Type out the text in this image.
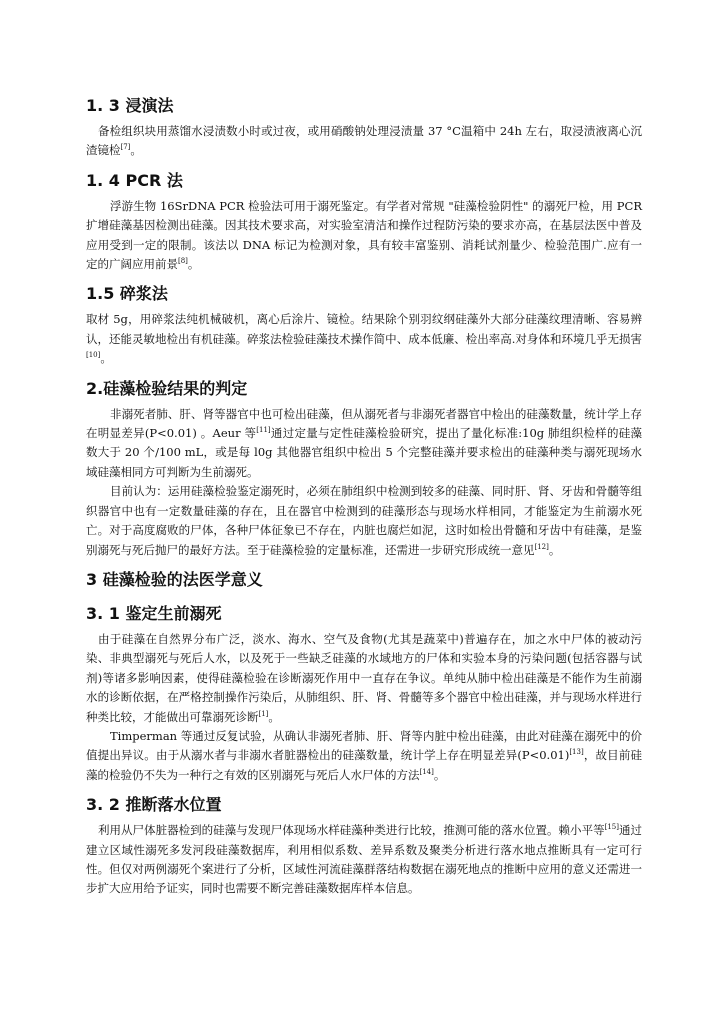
1. 3 浸演法

备检组织块用蒸馏水浸渍数小时或过夜，或用硝酸钠处理浸渍量 37 °C温箱中 24h 左右，取浸渍液离心沉渣镜检[7]。

1. 4 PCR 法

浮游生物 16SrDNA PCR 检验法可用于溺死鉴定。有学者对常规 "硅藻检验阴性" 的溺死尸检，用 PCR 扩增硅藻基因检测出硅藻。因其技术要求高，对实验室清洁和操作过程防污染的要求亦高，在基层法医中普及应用受到一定的限制。该法以 DNA 标记为检测对象，具有较丰富鉴别、消耗试剂量少、检验范围广.应有一定的广阔应用前景[8]。

1.5 碎浆法

取材 5g，用碎浆法纯机械破机，离心后涂片、镜检。结果除个别羽纹纲硅藻外大部分硅藻纹理清晰、容易辨认，还能灵敏地检出有机硅藻。碎浆法检验硅藻技术操作简中、成本低廉、检出率高.对身体和环境几乎无损害[10]。

2.硅藻检验结果的判定

非溺死者肺、肝、肾等器官中也可检出硅藻，但从溺死者与非溺死者器官中检出的硅藻数量，统计学上存在明显差异(P<0.01) 。Aeur 等[11]通过定量与定性硅藻检验研究，提出了量化标准:10g 肺组织检样的硅藻数大于 20 个/100 mL，或是每 l0g 其他器官组织中检出 5 个完整硅藻并要求检出的硅藻种类与溺死现场水域硅藻相同方可判断为生前溺死。

目前认为：运用硅藻检验鉴定溺死时，必须在肺组织中检测到较多的硅藻、同时肝、肾、牙齿和骨髓等组织器官中也有一定数量硅藻的存在，且在器官中检测到的硅藻形态与现场水样相同，才能鉴定为生前溺水死亡。对于高度腐败的尸体，各种尸体征象已不存在，内脏也腐烂如泥，这时如检出骨髓和牙齿中有硅藻，是鉴别溺死与死后抛尸的最好方法。至于硅藻检验的定量标准，还需进一步研究形成统一意见[12]。

3 硅藻检验的法医学意义
3. 1 鉴定生前溺死

由于硅藻在自然界分布广泛，淡水、海水、空气及食物(尤其是蔬菜中)普遍存在，加之水中尸体的被动污染、非典型溺死与死后人水，以及死于一些缺乏硅藻的水域地方的尸体和实验本身的污染问题(包括容器与试剂)等诸多影响因素，使得硅藻检验在诊断溺死作用中一直存在争议。单纯从肺中检出硅藻是不能作为生前溺水的诊断依据，在严格控制操作污染后，从肺组织、肝、肾、骨髓等多个器官中检出硅藻，并与现场水样进行种类比较，才能做出可靠溺死诊断[1]。

Timperman 等通过反复试验，从确认非溺死者肺、肝、肾等内脏中检出硅藻，由此对硅藻在溺死中的价值提出异议。由于从溺水者与非溺水者脏器检出的硅藻数量，统计学上存在明显差异(P<0.01)[13]，故目前硅藻的检验仍不失为一种行之有效的区别溺死与死后人水尸体的方法[14]。

3. 2 推断落水位置

利用从尸体脏器检到的硅藻与发现尸体现场水样硅藻种类进行比较，推测可能的落水位置。赖小平等[15]通过建立区域性溺死多发河段硅藻数据库，利用相似系数、差异系数及聚类分析进行落水地点推断具有一定可行性。但仅对两例溺死个案进行了分析，区域性河流硅藻群落结构数据在溺死地点的推断中应用的意义还需进一步扩大应用给予证实，同时也需要不断完善硅藻数据库样本信息。
